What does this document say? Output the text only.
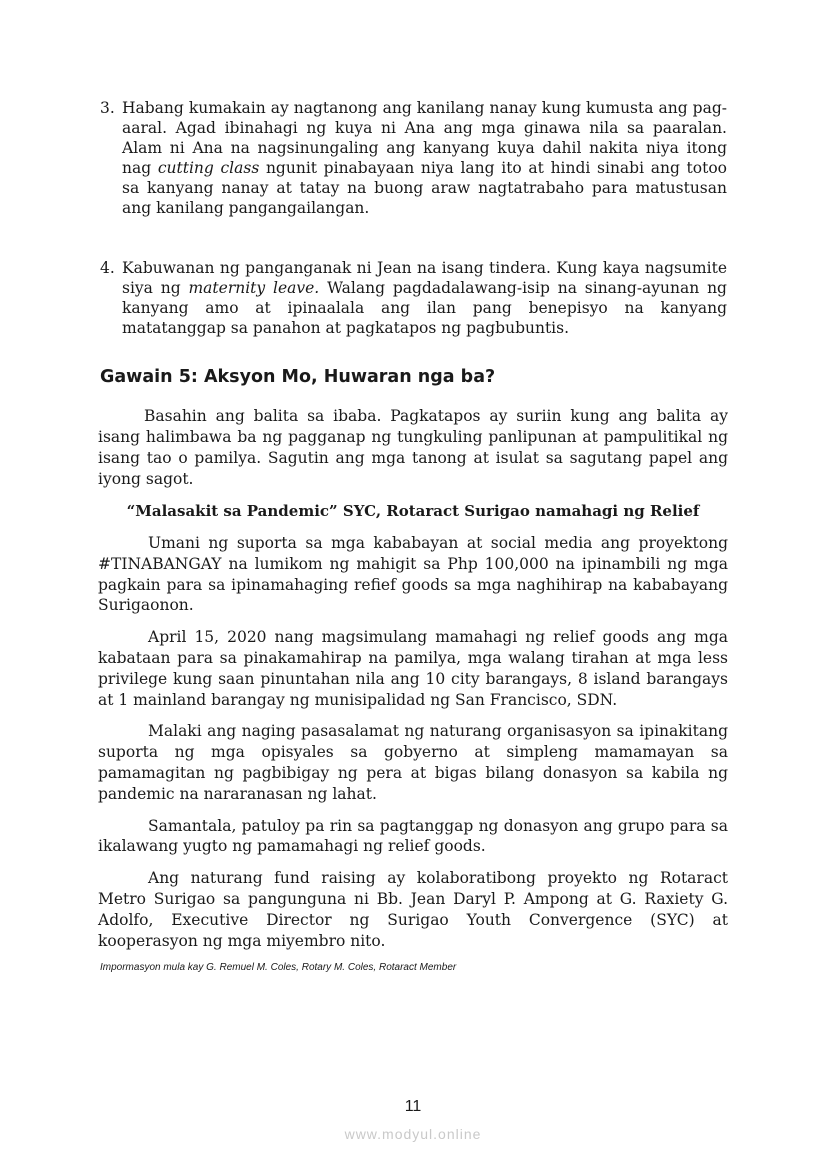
3. Habang kumakain ay nagtanong ang kanilang nanay kung kumusta ang pag-aaral. Agad ibinahagi ng kuya ni Ana ang mga ginawa nila sa paaralan. Alam ni Ana na nagsinungaling ang kanyang kuya dahil nakita niya itong nag cutting class ngunit pinabayaan niya lang ito at hindi sinabi ang totoo sa kanyang nanay at tatay na buong araw nagtatrabaho para matustusan ang kanilang pangangailangan.
4. Kabuwanan ng panganganak ni Jean na isang tindera. Kung kaya nagsumite siya ng maternity leave. Walang pagdadalawang-isip na sinang-ayunan ng kanyang amo at ipinaalala ang ilan pang benepisyo na kanyang matatanggap sa panahon at pagkatapos ng pagbubuntis.
Gawain 5: Aksyon Mo, Huwaran nga ba?
Basahin ang balita sa ibaba. Pagkatapos ay suriin kung ang balita ay isang halimbawa ba ng pagganap ng tungkuling panlipunan at pampulitikal ng isang tao o pamilya. Sagutin ang mga tanong at isulat sa sagutang papel ang iyong sagot.
“Malasakit sa Pandemic” SYC, Rotaract Surigao namahagi ng Relief

Umani ng suporta sa mga kababayan at social media ang proyektong #TINABANGAY na lumikom ng mahigit sa Php 100,000 na ipinambili ng mga pagkain para sa ipinamahaging refief goods sa mga naghihirap na kababayang Surigaonon.

April 15, 2020 nang magsimulang mamahagi ng relief goods ang mga kabataan para sa pinakamahirap na pamilya, mga walang tirahan at mga less privilege kung saan pinuntahan nila ang 10 city barangays, 8 island barangays at 1 mainland barangay ng munisipalidad ng San Francisco, SDN.

Malaki ang naging pasasalamat ng naturang organisasyon sa ipinakitang suporta ng mga opisyales sa gobyerno at simpleng mamamayan sa pamamagitan ng pagbibigay ng pera at bigas bilang donasyon sa kabila ng pandemic na nararanasan ng lahat.

Samantala, patuloy pa rin sa pagtanggap ng donasyon ang grupo para sa ikalawang yugto ng pamamahagi ng relief goods.

Ang naturang fund raising ay kolaboratibong proyekto ng Rotaract Metro Surigao sa pangunguna ni Bb. Jean Daryl P. Ampong at G. Raxiety G. Adolfo, Executive Director ng Surigao Youth Convergence (SYC) at kooperasyon ng mga miyembro nito.

Impormasyon mula kay G. Remuel M. Coles, Rotary M. Coles, Rotaract Member
11
www.modyul.online
